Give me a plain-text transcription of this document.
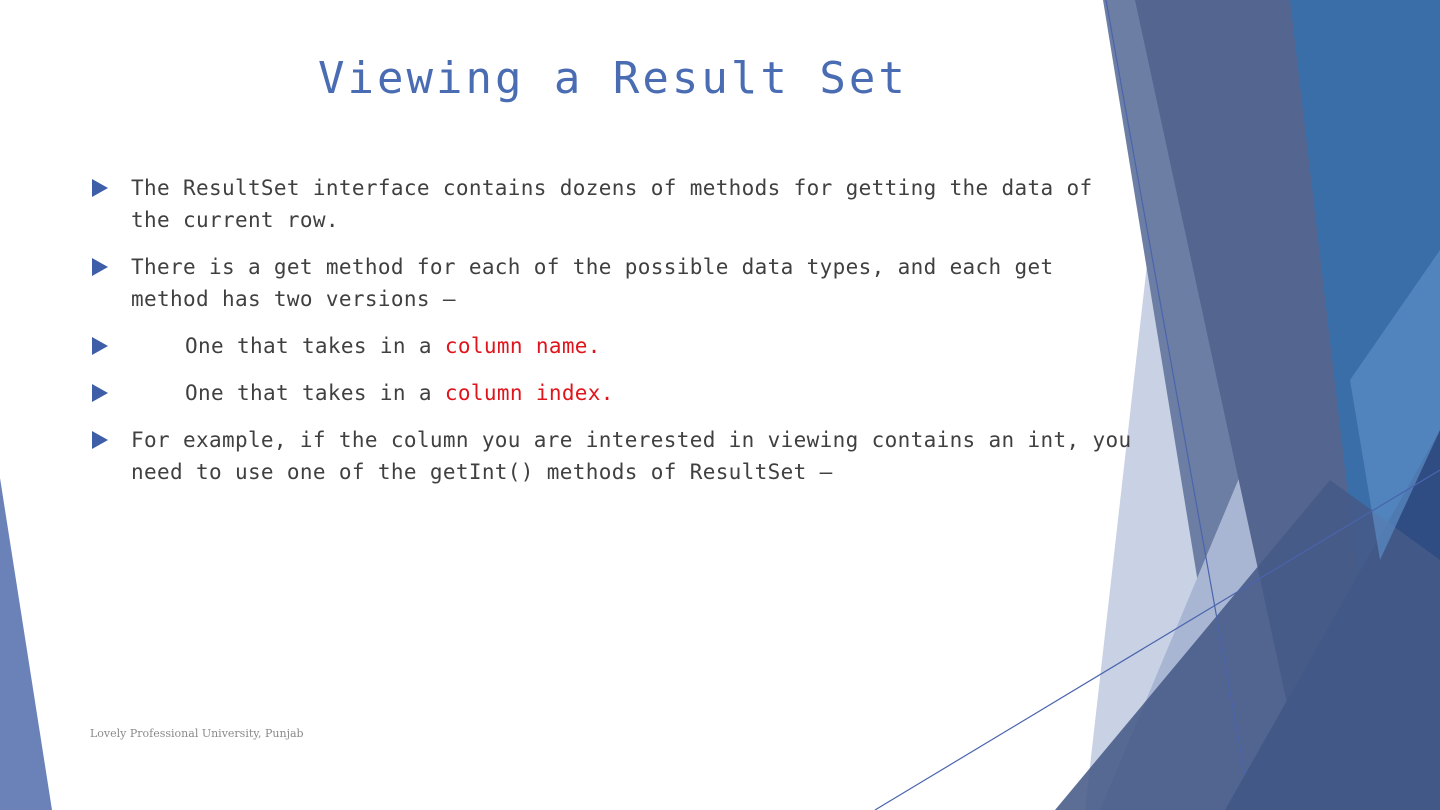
Viewing a Result Set
The ResultSet interface contains dozens of methods for getting the data of
the current row.
There is a get method for each of the possible data types, and each get
method has two versions —
One that takes in a column name.
One that takes in a column index.
For example, if the column you are interested in viewing contains an int, you
need to use one of the getInt() methods of ResultSet —
Lovely Professional University, Punjab
